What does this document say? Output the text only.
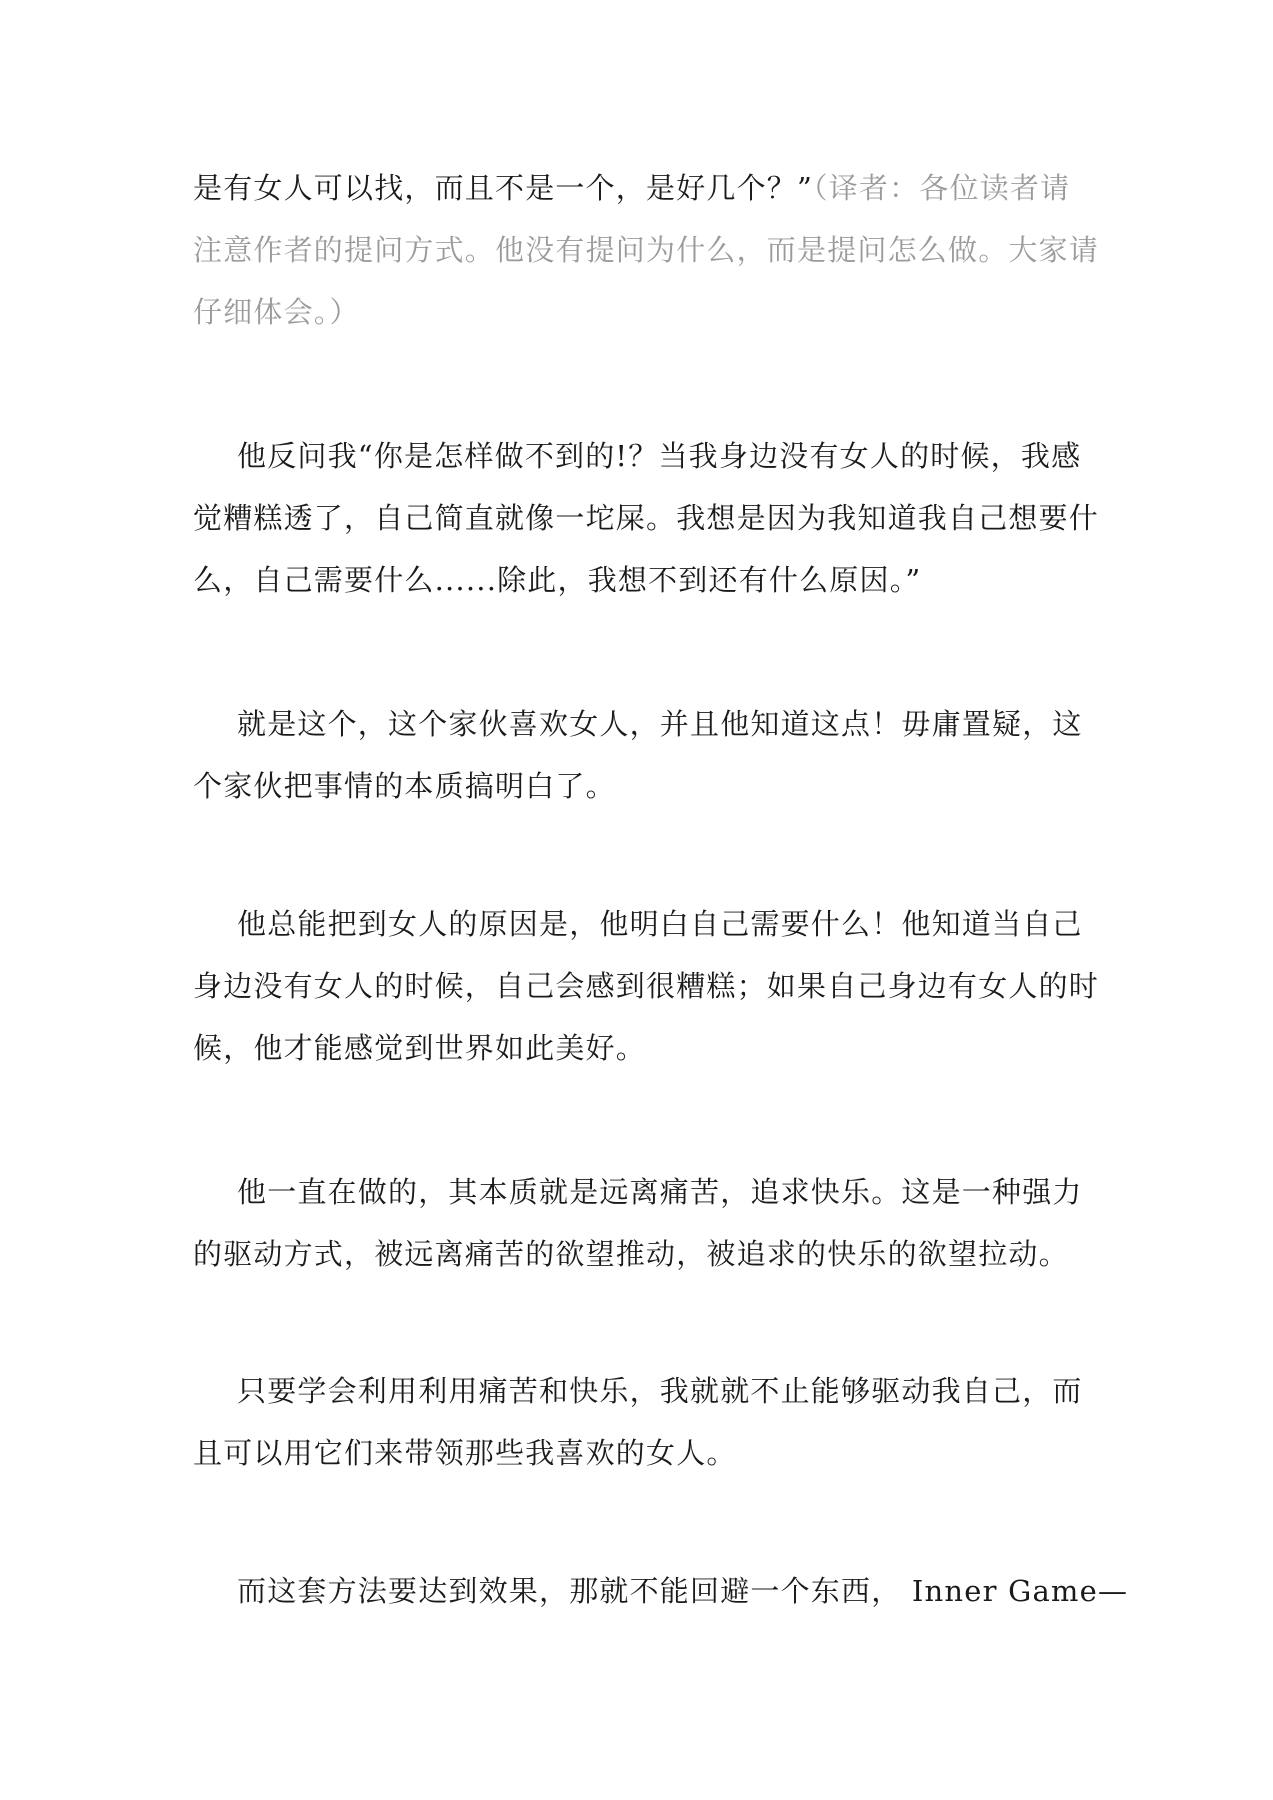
是有女人可以找，而且不是一个，是好几个？”（译者：各位读者请
注意作者的提问方式。他没有提问为什么，而是提问怎么做。大家请
仔细体会。）
他反问我“你是怎样做不到的!？当我身边没有女人的时候，我感
觉糟糕透了，自己简直就像一坨屎。我想是因为我知道我自己想要什
么，自己需要什么......除此，我想不到还有什么原因。”
就是这个，这个家伙喜欢女人，并且他知道这点！毋庸置疑，这
个家伙把事情的本质搞明白了。
他总能把到女人的原因是，他明白自己需要什么！他知道当自己
身边没有女人的时候，自己会感到很糟糕；如果自己身边有女人的时
候，他才能感觉到世界如此美好。
他一直在做的，其本质就是远离痛苦，追求快乐。这是一种强力
的驱动方式，被远离痛苦的欲望推动，被追求的快乐的欲望拉动。
只要学会利用利用痛苦和快乐，我就就不止能够驱动我自己，而
且可以用它们来带领那些我喜欢的女人。
而这套方法要达到效果，那就不能回避一个东西， Inner Game—
